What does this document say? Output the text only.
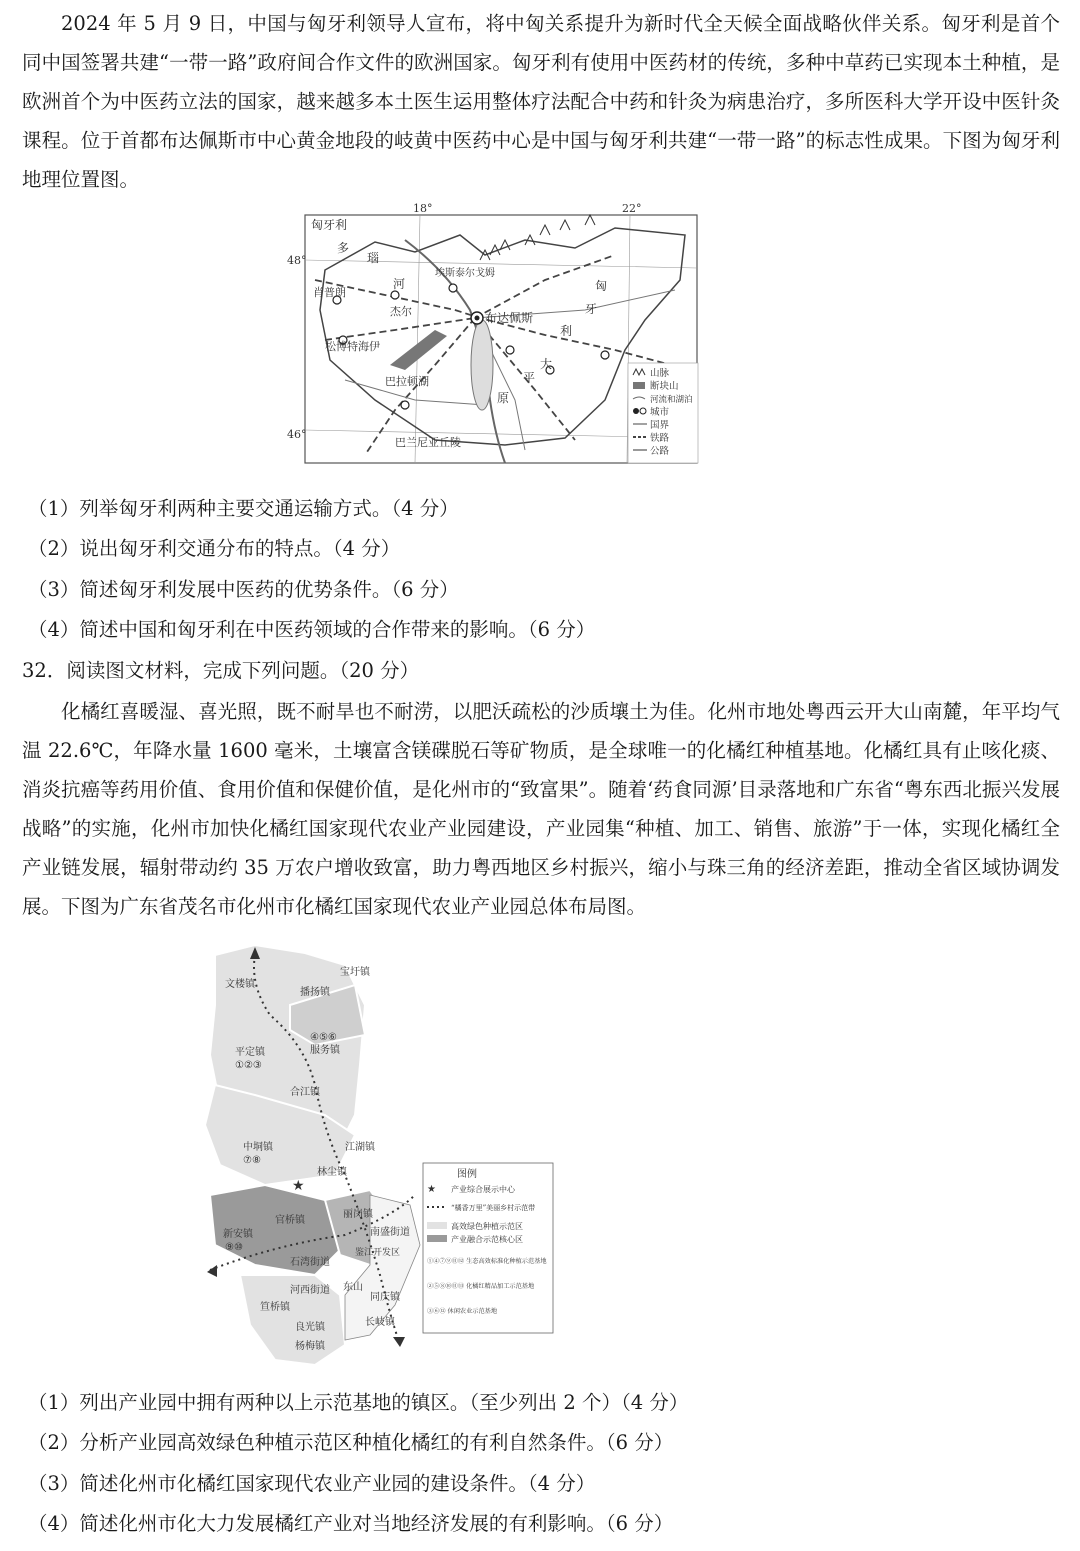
2024 年 5 月 9 日，中国与匈牙利领导人宣布，将中匈关系提升为新时代全天候全面战略伙伴关系。匈牙利是首个同中国签署共建“一带一路”政府间合作文件的欧洲国家。匈牙利有使用中医药材的传统，多种中草药已实现本土种植，是欧洲首个为中医药立法的国家，越来越多本土医生运用整体疗法配合中药和针灸为病患治疗，多所医科大学开设中医针灸课程。位于首都布达佩斯市中心黄金地段的岐黄中医药中心是中国与匈牙利共建“一带一路”的标志性成果。下图为匈牙利地理位置图。
匈牙利
18°	22°
48°
46°
多
瑙
河
肖普朗
埃斯泰尔戈姆
杰尔	布达佩斯
松博特海伊
巴拉顿湖
巴兰尼亚丘陵
匈
牙
利
大
平
原
山脉
断块山
河流和湖泊
城市
国界
铁路
公路
（1）列举匈牙利两种主要交通运输方式。（4 分）
（2）说出匈牙利交通分布的特点。（4 分）
（3）简述匈牙利发展中医药的优势条件。（6 分）
（4）简述中国和匈牙利在中医药领域的合作带来的影响。（6 分）
32．阅读图文材料，完成下列问题。（20 分）
化橘红喜暖湿、喜光照，既不耐旱也不耐涝，以肥沃疏松的沙质壤土为佳。化州市地处粤西云开大山南麓，年平均气温 22.6℃，年降水量 1600 毫米，土壤富含镁碟脱石等矿物质，是全球唯一的化橘红种植基地。化橘红具有止咳化痰、消炎抗癌等药用价值、食用价值和保健价值，是化州市的“致富果”。随着‘药食同源’目录落地和广东省“粤东西北振兴发展战略”的实施，化州市加快化橘红国家现代农业产业园建设，产业园集“种植、加工、销售、旅游”于一体，实现化橘红全产业链发展，辐射带动约 35 万农户增收致富，助力粤西地区乡村振兴，缩小与珠三角的经济差距，推动全省区域协调发展。下图为广东省茂名市化州市化橘红国家现代农业产业园总体布局图。
★
文楼镇
播扬镇
宝圩镇
④⑤⑥
服务镇
平定镇
①②③
合江镇
中垌镇
⑦⑧
江湖镇
林尘镇
官桥镇
新安镇
⑨⑩
丽岗镇
南盛街道
鉴江开发区
石湾街道
河西街道 东山
同庆镇
笪桥镇
良光镇
杨梅镇
长岐镇
图例
★ 产业综合展示中心
“橘香万里”美丽乡村示范带
高效绿色种植示范区
产业融合示范核心区
①④⑦⑨⑪⑫ 生态高效标准化种植示范基地
②⑤⑧⑩⑪⑬ 化橘红精品加工示范基地
③⑥⑫ 休闲农业示范基地
（1）列出产业园中拥有两种以上示范基地的镇区。（至少列出 2 个）（4 分）
（2）分析产业园高效绿色种植示范区种植化橘红的有利自然条件。（6 分）
（3）简述化州市化橘红国家现代农业产业园的建设条件。（4 分）
（4）简述化州市化大力发展橘红产业对当地经济发展的有利影响。（6 分）
